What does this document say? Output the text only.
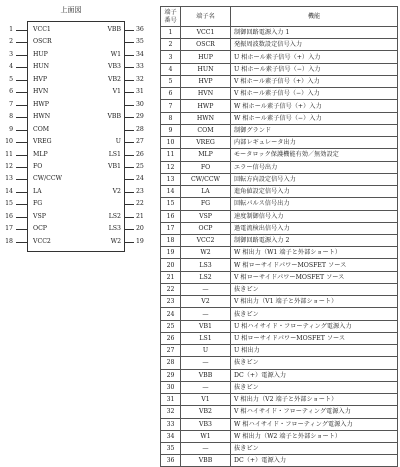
上面図
1	VCC1
2	OSCR
3	HUP
4	HUN
5	HVP
6	HVN
7	HWP
8	HWN
9	COM
10	VREG
11	MLP
12	FO
13	CW/CCW
14	LA
15	FG
16	VSP
17	OCP
18	VCC2
VBB 36
35
W1 34
VB3 33
VB2 32
V1 31
30
VBB 29
28
U 27
LS1 26
VB1 25
24
V2 23
22
LS2 21
LS3 20
W2 19
端子
番号	端子名	機能
1	VCC1	制御回路電源入力 1
2	OSCR	発振周波数設定信号入力
3	HUP	U 相ホール素子信号（+）入力
4	HUN	U 相ホール素子信号（−）入力
5	HVP	V 相ホール素子信号（+）入力
6	HVN	V 相ホール素子信号（−）入力
7	HWP	W 相ホール素子信号（+）入力
8	HWN	W 相ホール素子信号（−）入力
9	COM	制御グランド
10	VREG	内部レギュレータ出力
11	MLP	モータロック保護機能有効／無効設定
12	FO	エラー信号出力
13	CW/CCW	回転方向設定信号入力
14	LA	進角値設定信号入力
15	FG	回転パルス信号出力
16	VSP	速度制御信号入力
17	OCP	過電流検出信号入力
18	VCC2	制御回路電源入力 2
19	W2	W 相出力（W1 端子と外部ショート）
20	LS3	W 相ローサイドパワーMOSFET ソース
21	LS2	V 相ローサイドパワーMOSFET ソース
22	—	抜きピン
23	V2	V 相出力（V1 端子と外部ショート）
24	—	抜きピン
25	VB1	U 相ハイサイド・フローティング電源入力
26	LS1	U 相ローサイドパワーMOSFET ソース
27	U	U 相出力
28	—	抜きピン
29	VBB	DC（+）電源入力
30	—	抜きピン
31	V1	V 相出力（V2 端子と外部ショート）
32	VB2	V 相ハイサイド・フローティング電源入力
33	VB3	W 相ハイサイド・フローティング電源入力
34	W1	W 相出力（W2 端子と外部ショート）
35	—	抜きピン
36	VBB	DC（+）電源入力
